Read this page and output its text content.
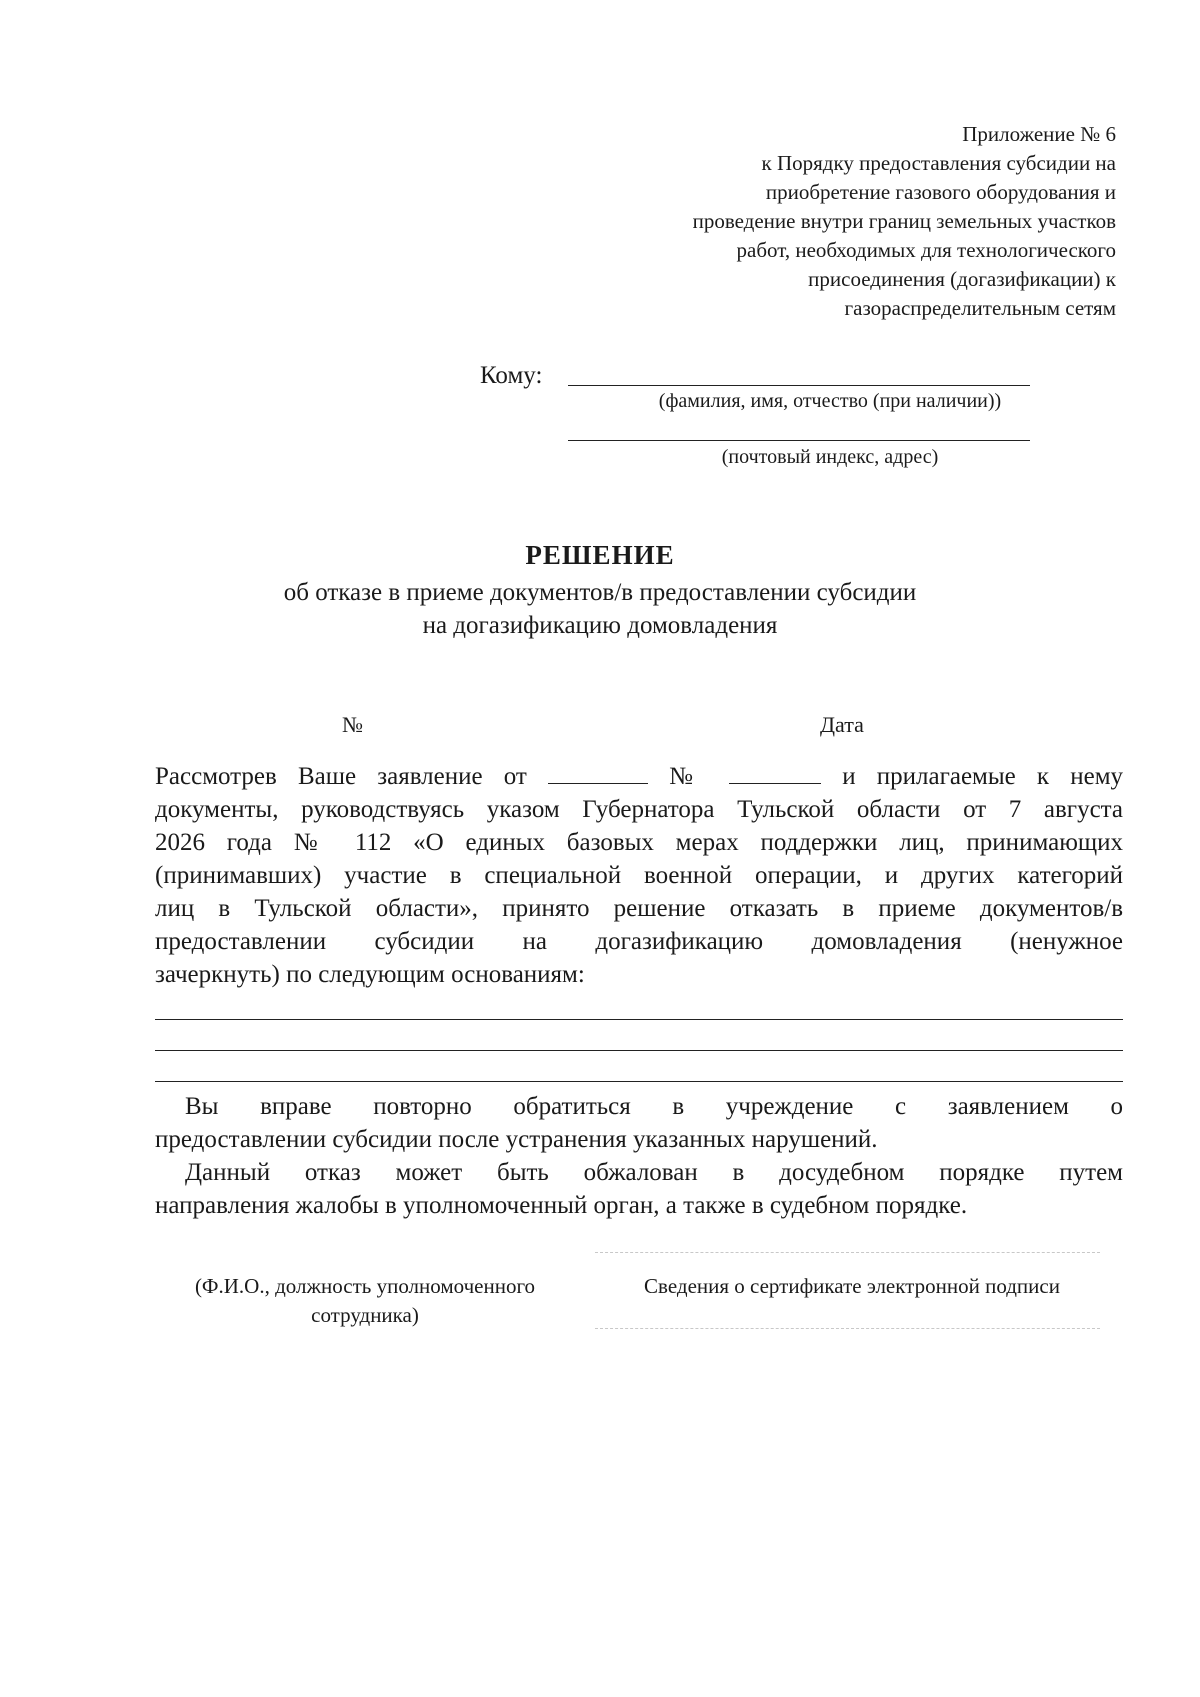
Приложение № 6
к Порядку предоставления субсидии на
приобретение газового оборудования и
проведение внутри границ земельных участков
работ, необходимых для технологического
присоединения (догазификации) к
газораспределительным сетям
Кому:
(фамилия, имя, отчество (при наличии))
(почтовый индекс, адрес)
РЕШЕНИЕ
об отказе в приеме документов/в предоставлении субсидии
на догазификацию домовладения
№	Дата
Рассмотрев Ваше заявление от	№	и прилагаемые к нему
документы, руководствуясь указом Губернатора Тульской области от 7 августа
2026 года № 112 «О единых базовых мерах поддержки лиц, принимающих
(принимавших) участие в специальной военной операции, и других категорий
лиц в Тульской области», принято решение отказать в приеме документов/в
предоставлении субсидии на догазификацию домовладения (ненужное
зачеркнуть) по следующим основаниям:
Вы вправе повторно обратиться в учреждение с заявлением о
предоставлении субсидии после устранения указанных нарушений.
Данный отказ может быть обжалован в досудебном порядке путем
направления жалобы в уполномоченный орган, а также в судебном порядке.
(Ф.И.О., должность уполномоченного
сотрудника)
Сведения о сертификате электронной подписи
